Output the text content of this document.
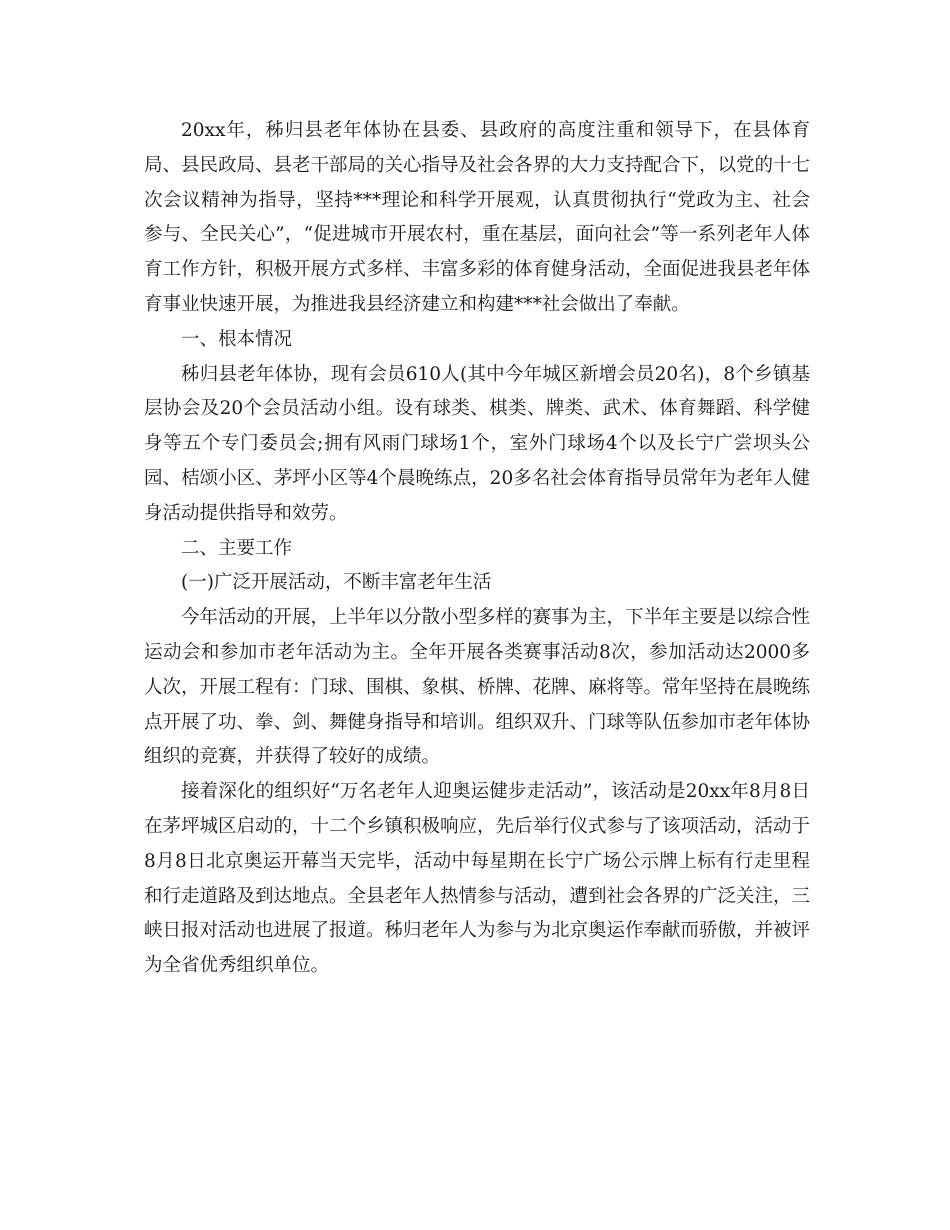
20xx年，秭归县老年体协在县委、县政府的高度注重和领导下，在县体育局、县民政局、县老干部局的关心指导及社会各界的大力支持配合下，以党的十七次会议精神为指导，坚持***理论和科学开展观，认真贯彻执行“党政为主、社会参与、全民关心”，“促进城市开展农村，重在基层，面向社会”等一系列老年人体育工作方针，积极开展方式多样、丰富多彩的体育健身活动，全面促进我县老年体育事业快速开展，为推进我县经济建立和构建***社会做出了奉献。

一、根本情况

秭归县老年体协，现有会员610人(其中今年城区新增会员20名)，8个乡镇基层协会及20个会员活动小组。设有球类、棋类、牌类、武术、体育舞蹈、科学健身等五个专门委员会;拥有风雨门球场1个，室外门球场4个以及长宁广尝坝头公园、桔颂小区、茅坪小区等4个晨晚练点，20多名社会体育指导员常年为老年人健身活动提供指导和效劳。

二、主要工作

(一)广泛开展活动，不断丰富老年生活

今年活动的开展，上半年以分散小型多样的赛事为主，下半年主要是以综合性运动会和参加市老年活动为主。全年开展各类赛事活动8次，参加活动达2000多人次，开展工程有：门球、围棋、象棋、桥牌、花牌、麻将等。常年坚持在晨晚练点开展了功、拳、剑、舞健身指导和培训。组织双升、门球等队伍参加市老年体协组织的竞赛，并获得了较好的成绩。

接着深化的组织好“万名老年人迎奥运健步走活动”，该活动是20xx年8月8日在茅坪城区启动的，十二个乡镇积极响应，先后举行仪式参与了该项活动，活动于8月8日北京奥运开幕当天完毕，活动中每星期在长宁广场公示牌上标有行走里程和行走道路及到达地点。全县老年人热情参与活动，遭到社会各界的广泛关注，三峡日报对活动也进展了报道。秭归老年人为参与为北京奥运作奉献而骄傲，并被评为全省优秀组织单位。
